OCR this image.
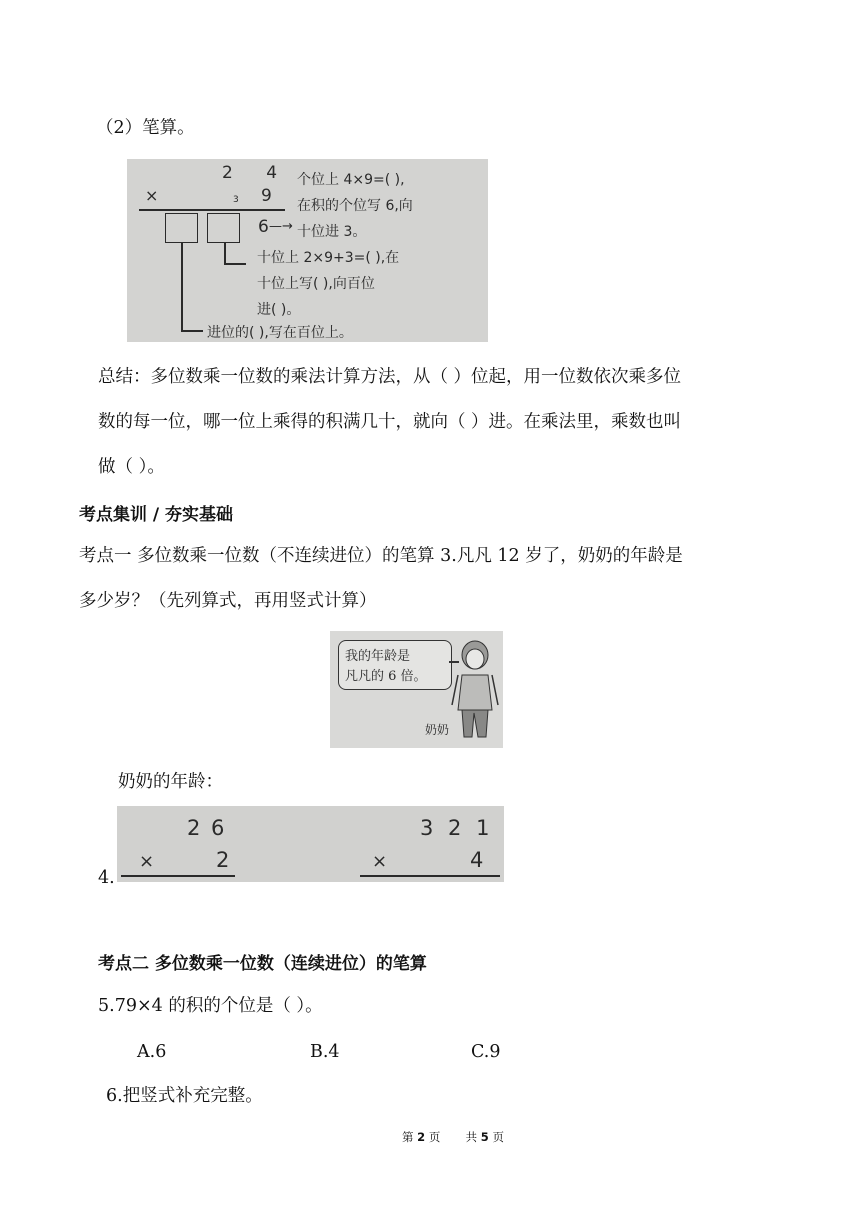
（2）笔算。
2 4
×	3 9
6 —→
个位上 4×9=( ),
在积的个位写 6,向
十位进 3。
十位上 2×9+3=( ),在
十位上写( ),向百位
进( )。
进位的( ),写在百位上。
总结：多位数乘一位数的乘法计算方法，从（ ）位起，用一位数依次乘多位
数的每一位，哪一位上乘得的积满几十，就向（ ）进。在乘法里，乘数也叫
做（ ）。
考点集训 / 夯实基础
考点一 多位数乘一位数（不连续进位）的笔算 3.凡凡 12 岁了，奶奶的年龄是
多少岁？（先列算式，再用竖式计算）
我的年龄是
凡凡的 6 倍。
奶奶
奶奶的年龄：
4.
2 6
×	2
3 2 1
×	4
考点二 多位数乘一位数（连续进位）的笔算
5.79×4 的积的个位是（ ）。
A.6	B.4	C.9
6.把竖式补充完整。
第 2 页 共 5 页
